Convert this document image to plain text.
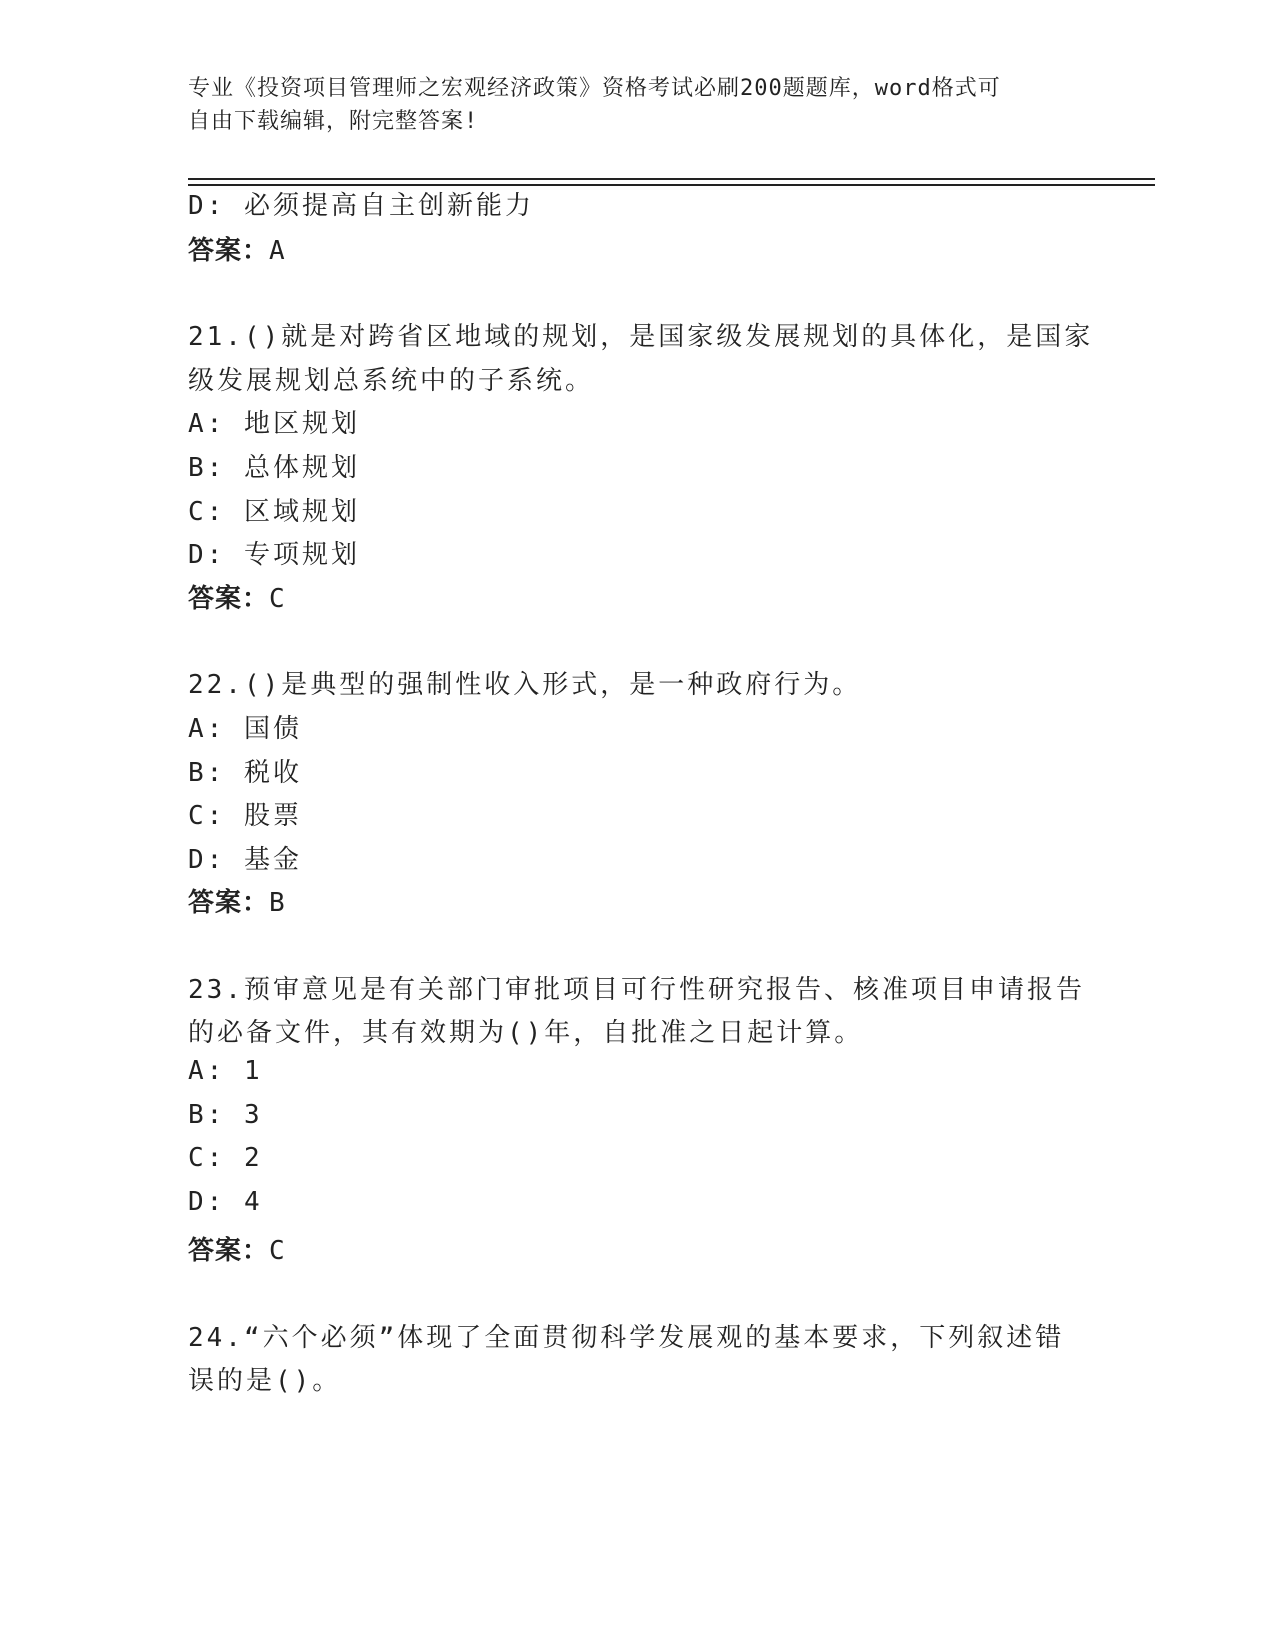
专业《投资项目管理师之宏观经济政策》资格考试必刷200题题库，word格式可
自由下载编辑，附完整答案!
D: 必须提高自主创新能力
答案：A
21.()就是对跨省区地域的规划，是国家级发展规划的具体化，是国家
级发展规划总系统中的子系统。
A: 地区规划
B: 总体规划
C: 区域规划
D: 专项规划
答案：C
22.()是典型的强制性收入形式，是一种政府行为。
A: 国债
B: 税收
C: 股票
D: 基金
答案：B
23.预审意见是有关部门审批项目可行性研究报告、核准项目申请报告
的必备文件，其有效期为()年，自批准之日起计算。
A: 1
B: 3
C: 2
D: 4
答案：C
24.“六个必须”体现了全面贯彻科学发展观的基本要求，下列叙述错
误的是()。
